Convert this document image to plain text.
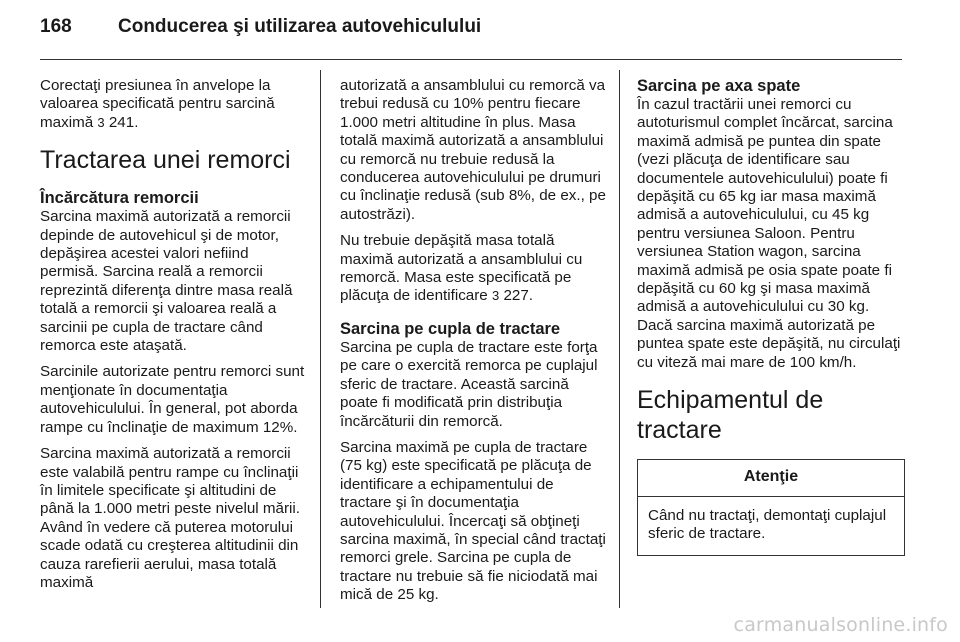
168 Conducerea şi utilizarea autovehiculului

Corectaţi presiunea în anvelope la valoarea specificată pentru sarcină maximă 3 241.

Tractarea unei remorci
Încărcătura remorcii

Sarcina maximă autorizată a remorcii depinde de autovehicul şi de motor, depăşirea acestei valori nefiind permisă. Sarcina reală a remorcii reprezintă diferenţa dintre masa reală totală a remorcii şi valoarea reală a sarcinii pe cupla de tractare când remorca este ataşată.

Sarcinile autorizate pentru remorci sunt menţionate în documentaţia autovehiculului. În general, pot aborda rampe cu înclinaţie de maximum 12%.

Sarcina maximă autorizată a remorcii este valabilă pentru rampe cu înclinaţii în limitele specificate şi altitudini de până la 1.000 metri peste nivelul mării. Având în vedere că puterea motorului scade odată cu creşterea altitudinii din cauza rarefierii aerului, masa totală maximă

autorizată a ansamblului cu remorcă va trebui redusă cu 10% pentru fiecare 1.000 metri altitudine în plus. Masa totală maximă autorizată a ansamblului cu remorcă nu trebuie redusă la conducerea autovehiculului pe drumuri cu înclinaţie redusă (sub 8%, de ex., pe autostrăzi).

Nu trebuie depăşită masa totală maximă autorizată a ansamblului cu remorcă. Masa este specificată pe plăcuţa de identificare 3 227.

Sarcina pe cupla de tractare

Sarcina pe cupla de tractare este forţa pe care o exercită remorca pe cuplajul sferic de tractare. Această sarcină poate fi modificată prin distribuţia încărcăturii din remorcă.

Sarcina maximă pe cupla de tractare (75 kg) este specificată pe plăcuţa de identificare a echipamentului de tractare şi în documentaţia autovehiculului. Încercaţi să obţineţi sarcina maximă, în special când tractaţi remorci grele. Sarcina pe cupla de tractare nu trebuie să fie niciodată mai mică de 25 kg.

Sarcina pe axa spate

În cazul tractării unei remorci cu autoturismul complet încărcat, sarcina maximă admisă pe puntea din spate (vezi plăcuţa de identificare sau documentele autovehiculului) poate fi depăşită cu 65 kg iar masa maximă admisă a autovehiculului, cu 45 kg pentru versiunea Saloon. Pentru versiunea Station wagon, sarcina maximă admisă pe osia spate poate fi depăşită cu 60 kg şi masa maximă admisă a autovehiculului cu 30 kg. Dacă sarcina maximă autorizată pe puntea spate este depăşită, nu circulaţi cu viteză mai mare de 100 km/h.

Echipamentul de tractare
Atenţie
Când nu tractaţi, demontaţi cuplajul sferic de tractare.
carmanualsonline.info
